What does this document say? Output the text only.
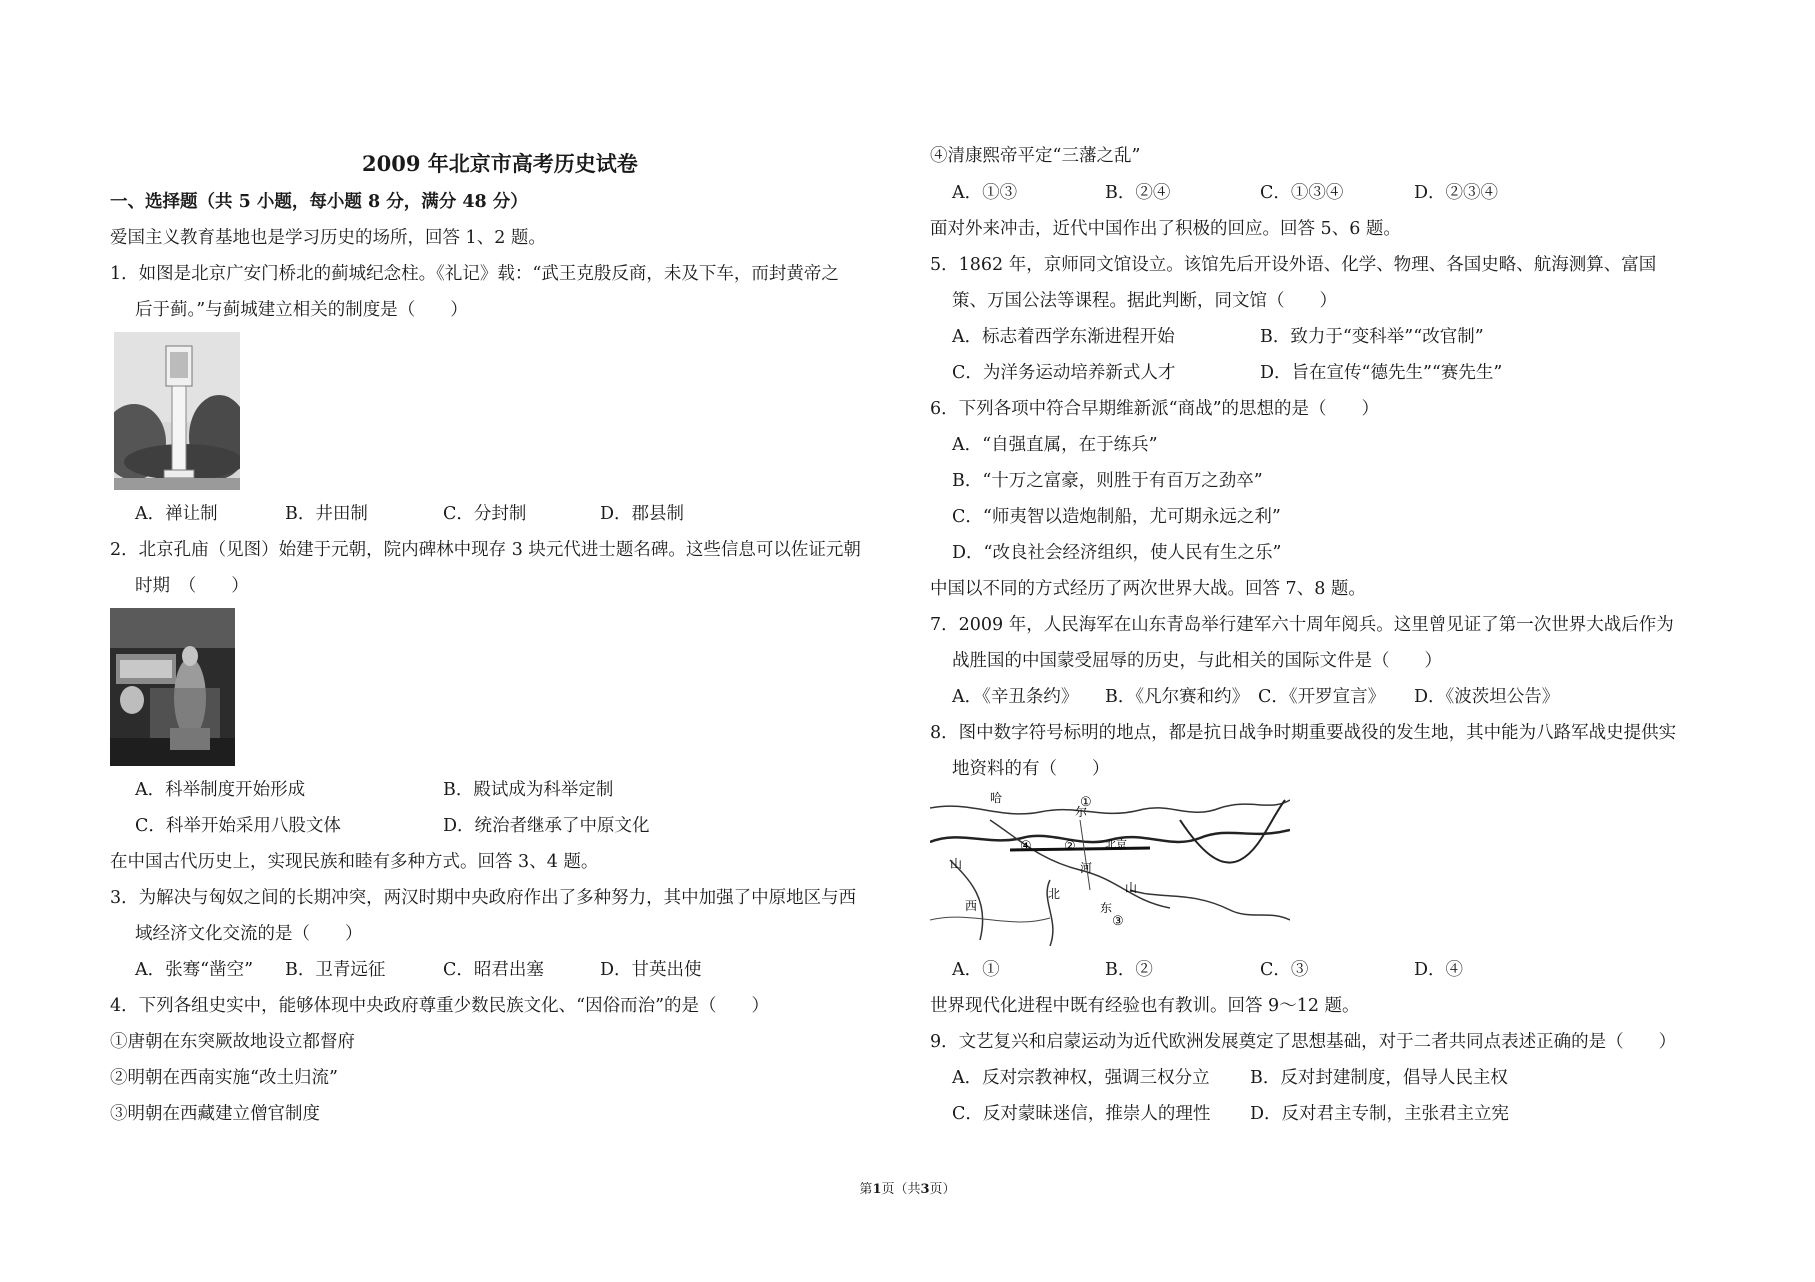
2009 年北京市高考历史试卷
一、选择题（共 5 小题，每小题 8 分，满分 48 分）
爱国主义教育基地也是学习历史的场所，回答 1、2 题。
1．如图是北京广安门桥北的蓟城纪念柱。《礼记》载：“武王克殷反商，未及下车，而封黄帝之
后于蓟。”与蓟城建立相关的制度是（　　）
A．禅让制	B．井田制	C．分封制	D．郡县制
2．北京孔庙（见图）始建于元朝，院内碑林中现存 3 块元代进士题名碑。这些信息可以佐证元朝
时期　（　　）
A．科举制度开始形成	B．殿试成为科举定制
C．科举开始采用八股文体	D．统治者继承了中原文化
在中国古代历史上，实现民族和睦有多种方式。回答 3、4 题。
3．为解决与匈奴之间的长期冲突，两汉时期中央政府作出了多种努力，其中加强了中原地区与西
域经济文化交流的是（　　）
A．张骞“凿空” B．卫青远征	C．昭君出塞	D．甘英出使
4．下列各组史实中，能够体现中央政府尊重少数民族文化、“因俗而治”的是（　　）
①唐朝在东突厥故地设立都督府
②明朝在西南实施“改土归流”
③明朝在西藏建立僧官制度
④清康熙帝平定“三藩之乱”
A．①③	B．②④	C．①③④	D．②③④
面对外来冲击，近代中国作出了积极的回应。回答 5、6 题。
5．1862 年，京师同文馆设立。该馆先后开设外语、化学、物理、各国史略、航海测算、富国
策、万国公法等课程。据此判断，同文馆（　　）
A．标志着西学东渐进程开始	B．致力于“变科举”“改官制”
C．为洋务运动培养新式人才	D．旨在宣传“德先生”“赛先生”
6．下列各项中符合早期维新派“商战”的思想的是（　　）
A．“自强直属，在于练兵”
B．“十万之富豪，则胜于有百万之劲卒”
C．“师夷智以造炮制船，尤可期永远之利”
D．“改良社会经济组织，使人民有生之乐”
中国以不同的方式经历了两次世界大战。回答 7、8 题。
7．2009 年，人民海军在山东青岛举行建军六十周年阅兵。这里曾见证了第一次世界大战后作为
战胜国的中国蒙受屈辱的历史，与此相关的国际文件是（　　）
A．《辛丑条约》 B．《凡尔赛和约》 C．《开罗宣言》 D．《波茨坦公告》
8．图中数字符号标明的地点，都是抗日战争时期重要战役的发生地，其中能为八路军战史提供实
地资料的有（　　）
哈
尔
北京
山	河
北
西	东
山
①
②
③
④
A．①	B．②	C．③	D．④
世界现代化进程中既有经验也有教训。回答 9～12 题。
9．文艺复兴和启蒙运动为近代欧洲发展奠定了思想基础，对于二者共同点表述正确的是（　　）
A．反对宗教神权，强调三权分立 B．反对封建制度，倡导人民主权
C．反对蒙昧迷信，推崇人的理性 D．反对君主专制，主张君主立宪
第1页（共3页）
